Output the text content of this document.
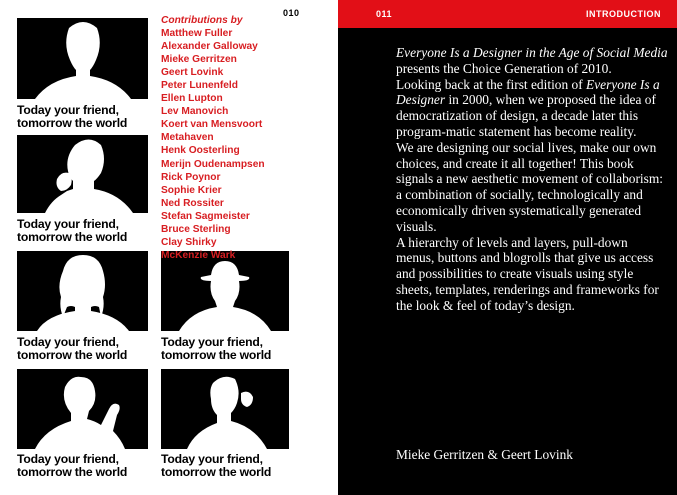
010
Today your friend,
tomorrow the world
Today your friend,
tomorrow the world
Today your friend,
tomorrow the world
Today your friend,
tomorrow the world
Today your friend,
tomorrow the world
Today your friend,
tomorrow the world
Contributions by
Matthew Fuller
Alexander Galloway
Mieke Gerritzen
Geert Lovink
Peter Lunenfeld
Ellen Lupton
Lev Manovich
Koert van Mensvoort
Metahaven
Henk Oosterling
Merijn Oudenampsen
Rick Poynor
Sophie Krier
Ned Rossiter
Stefan Sagmeister
Bruce Sterling
Clay Shirky
McKenzie Wark
011	INTRODUCTION

Everyone Is a Designer in the Age of Social Media presents the Choice Generation of 2010.

Looking back at the first edition of Everyone Is a Designer in 2000, when we proposed the idea of democratization of design, a decade later this program-matic statement has become reality.

We are designing our social lives, make our own choices, and create it all together! This book signals a new aesthetic movement of collaborism: a combination of socially, technologically and economically driven systematically generated visuals.

A hierarchy of levels and layers, pull-down menus, buttons and blogrolls that give us access and possibilities to create visuals using style sheets, templates, renderings and frameworks for the look & feel of today’s design.

Mieke Gerritzen & Geert Lovink
